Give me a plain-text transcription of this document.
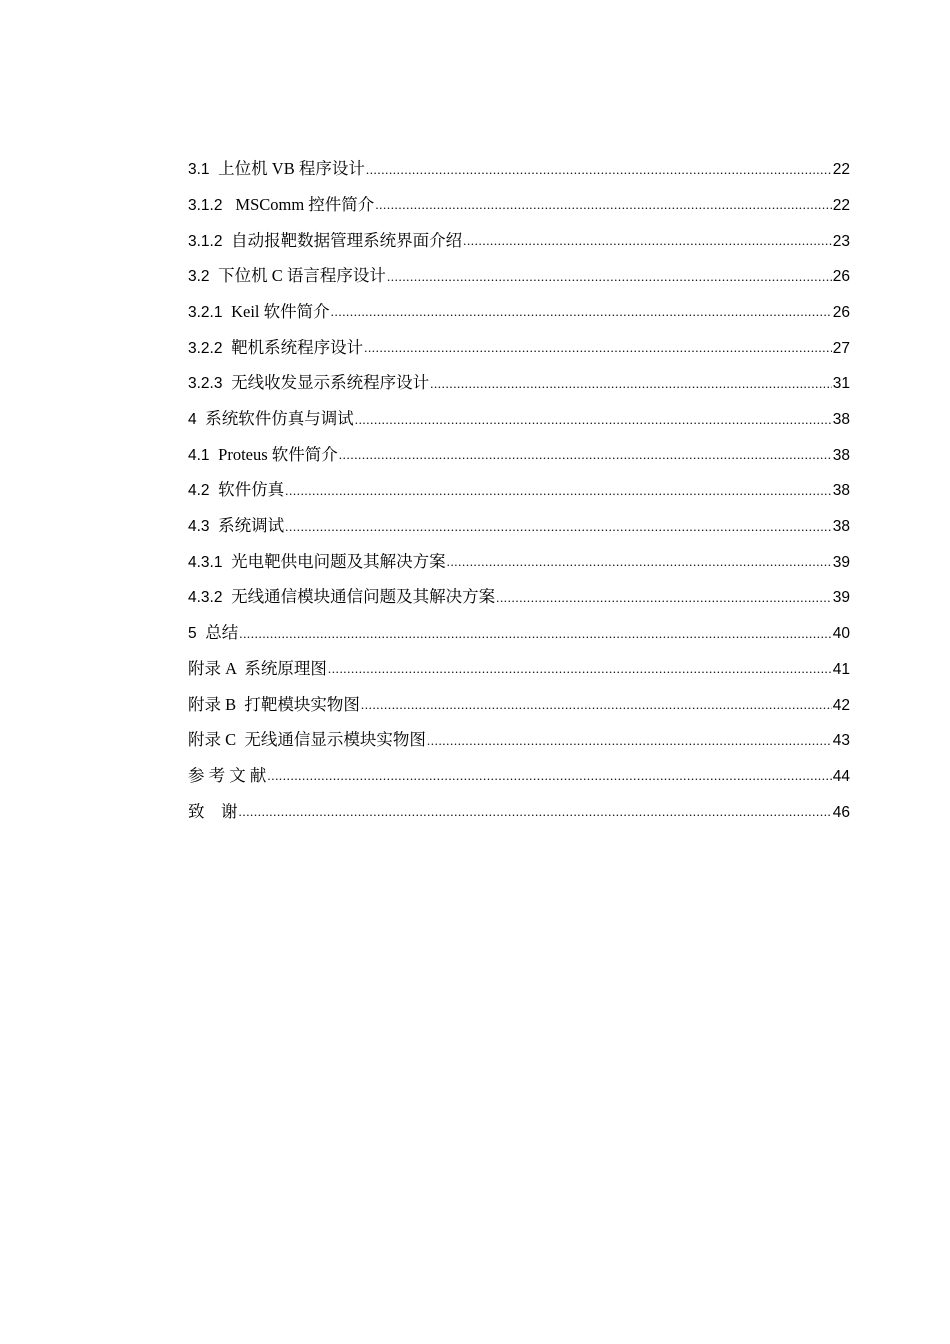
3.1 上位机 VB 程序设计 .....	22
3.1.2 MSComm 控件简介 .....	22
3.1.2 自动报靶数据管理系统界面介绍 .....	23
3.2 下位机 C 语言程序设计 .....	26
3.2.1 Keil 软件简介 .....	26
3.2.2 靶机系统程序设计 .....	27
3.2.3 无线收发显示系统程序设计 .....	31
4 系统软件仿真与调试 .....	38
4.1 Proteus 软件简介 .....	38
4.2 软件仿真 .....	38
4.3 系统调试 .....	38
4.3.1 光电靶供电问题及其解决方案 .....	39
4.3.2 无线通信模块通信问题及其解决方案 .....	39
5 总结 .....	40
附录 A  系统原理图 .....	41
附录 B  打靶模块实物图 .....	42
附录 C  无线通信显示模块实物图 .....	43
参 考 文 献 .....	44
致    谢 .....	46
